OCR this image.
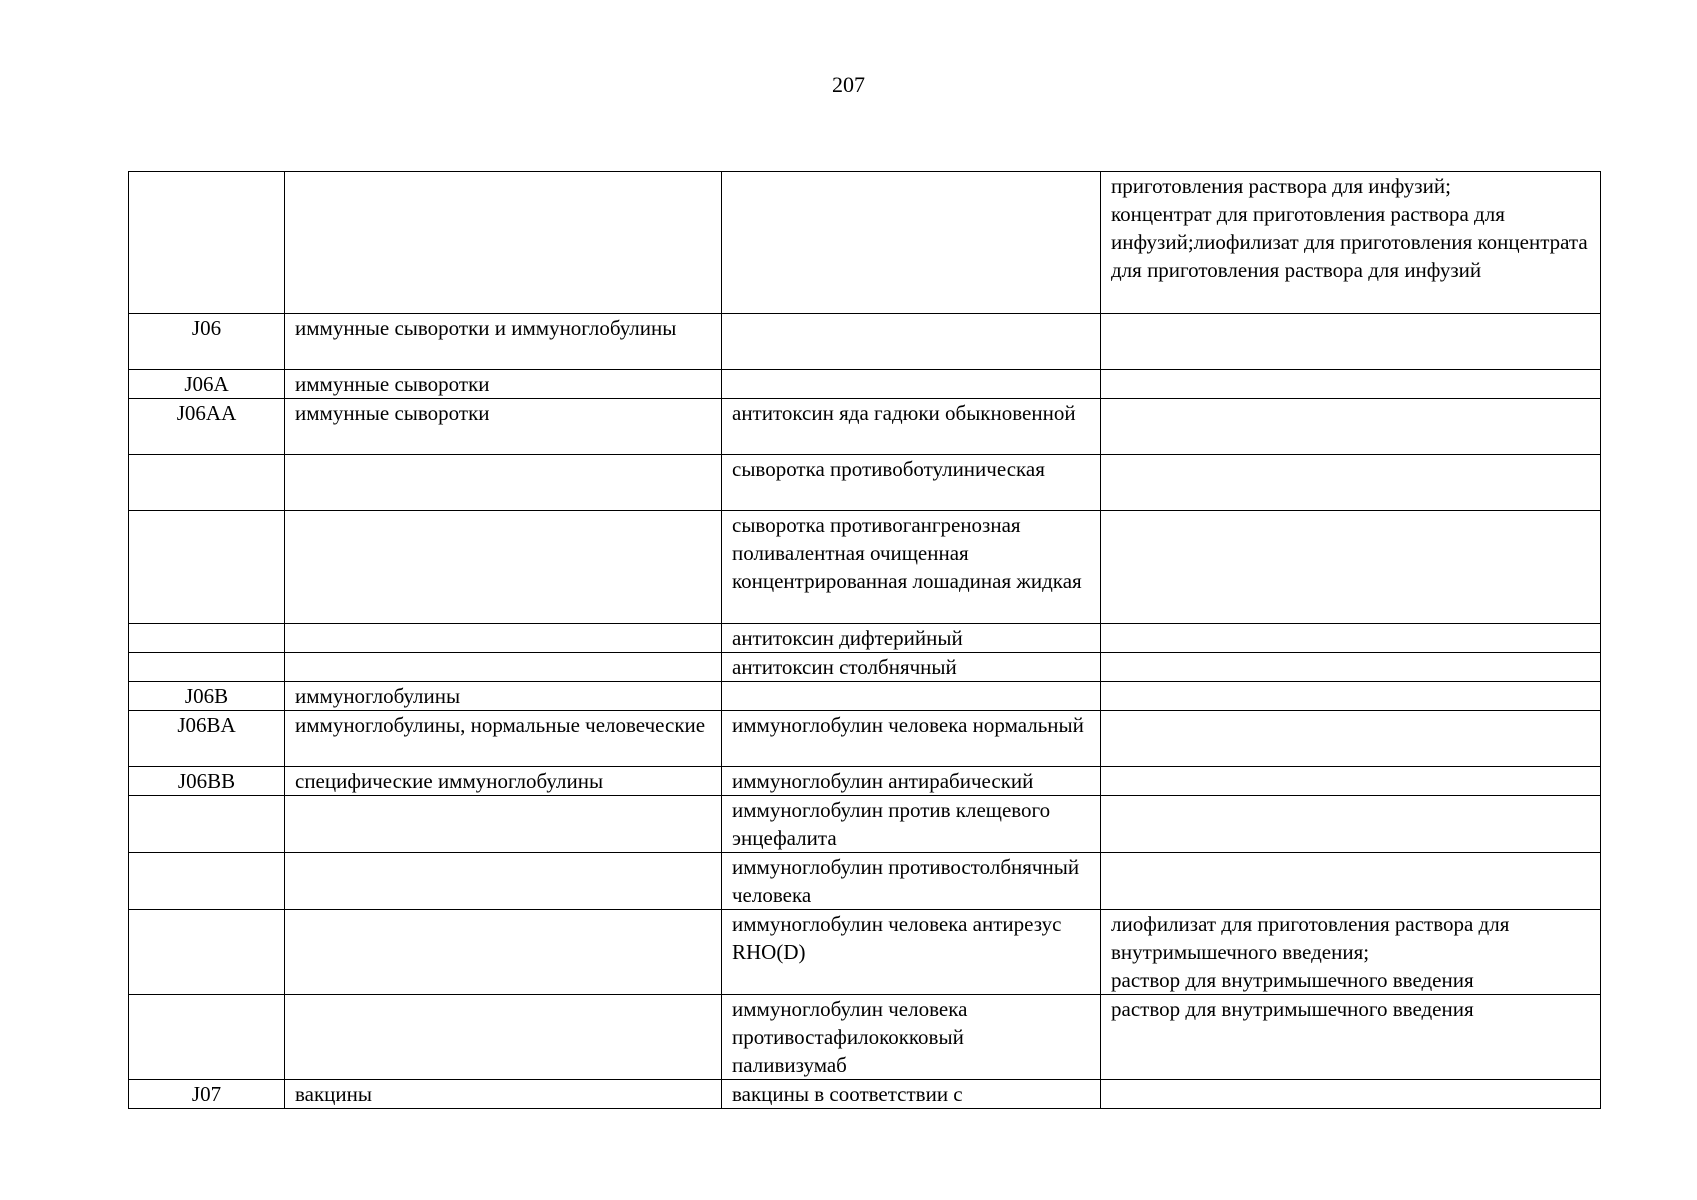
207
			приготовления раствора для инфузий;
концентрат для приготовления раствора для инфузий;лиофилизат для приготовления концентрата для приготовления раствора для инфузий
J06	иммунные сыворотки и иммуноглобулины		
J06A	иммунные сыворотки		
J06AA	иммунные сыворотки	антитоксин яда гадюки обыкновенной	
		сыворотка противоботулиническая	
		сыворотка противогангренозная поливалентная очищенная концентрированная лошадиная жидкая	
		антитоксин дифтерийный	
		антитоксин столбнячный	
J06B	иммуноглобулины		
J06BA	иммуноглобулины, нормальные человеческие	иммуноглобулин человека нормальный	
J06BB	специфические иммуноглобулины	иммуноглобулин антирабический	
		иммуноглобулин против клещевого энцефалита	
		иммуноглобулин противостолбнячный человека	
		иммуноглобулин человека антирезус RHO(D)	лиофилизат для приготовления раствора для внутримышечного введения;
раствор для внутримышечного введения
		иммуноглобулин человека противостафилококковый
паливизумаб	раствор для внутримышечного введения
J07	вакцины	вакцины в соответствии с	
